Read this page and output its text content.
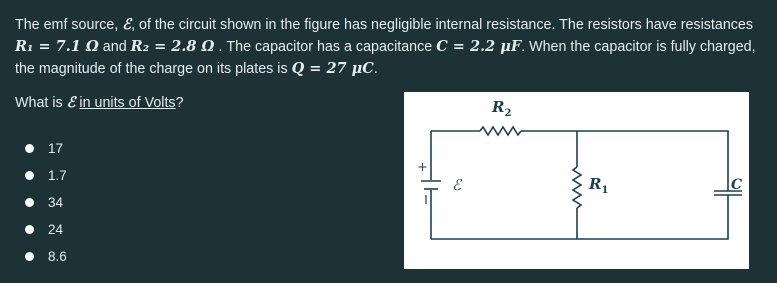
The emf source, ℰ, of the circuit shown in the figure has negligible internal resistance. The resistors have resistances R₁ = 7.1 Ω and R₂ = 2.8 Ω . The capacitor has a capacitance C = 2.2 μF. When the capacitor is fully charged, the magnitude of the charge on its plates is Q = 27 μC.
What is ℰ in units of Volts?
17
1.7
34
24
8.6
$R_2$
$R_1$
ℰ	C
+
